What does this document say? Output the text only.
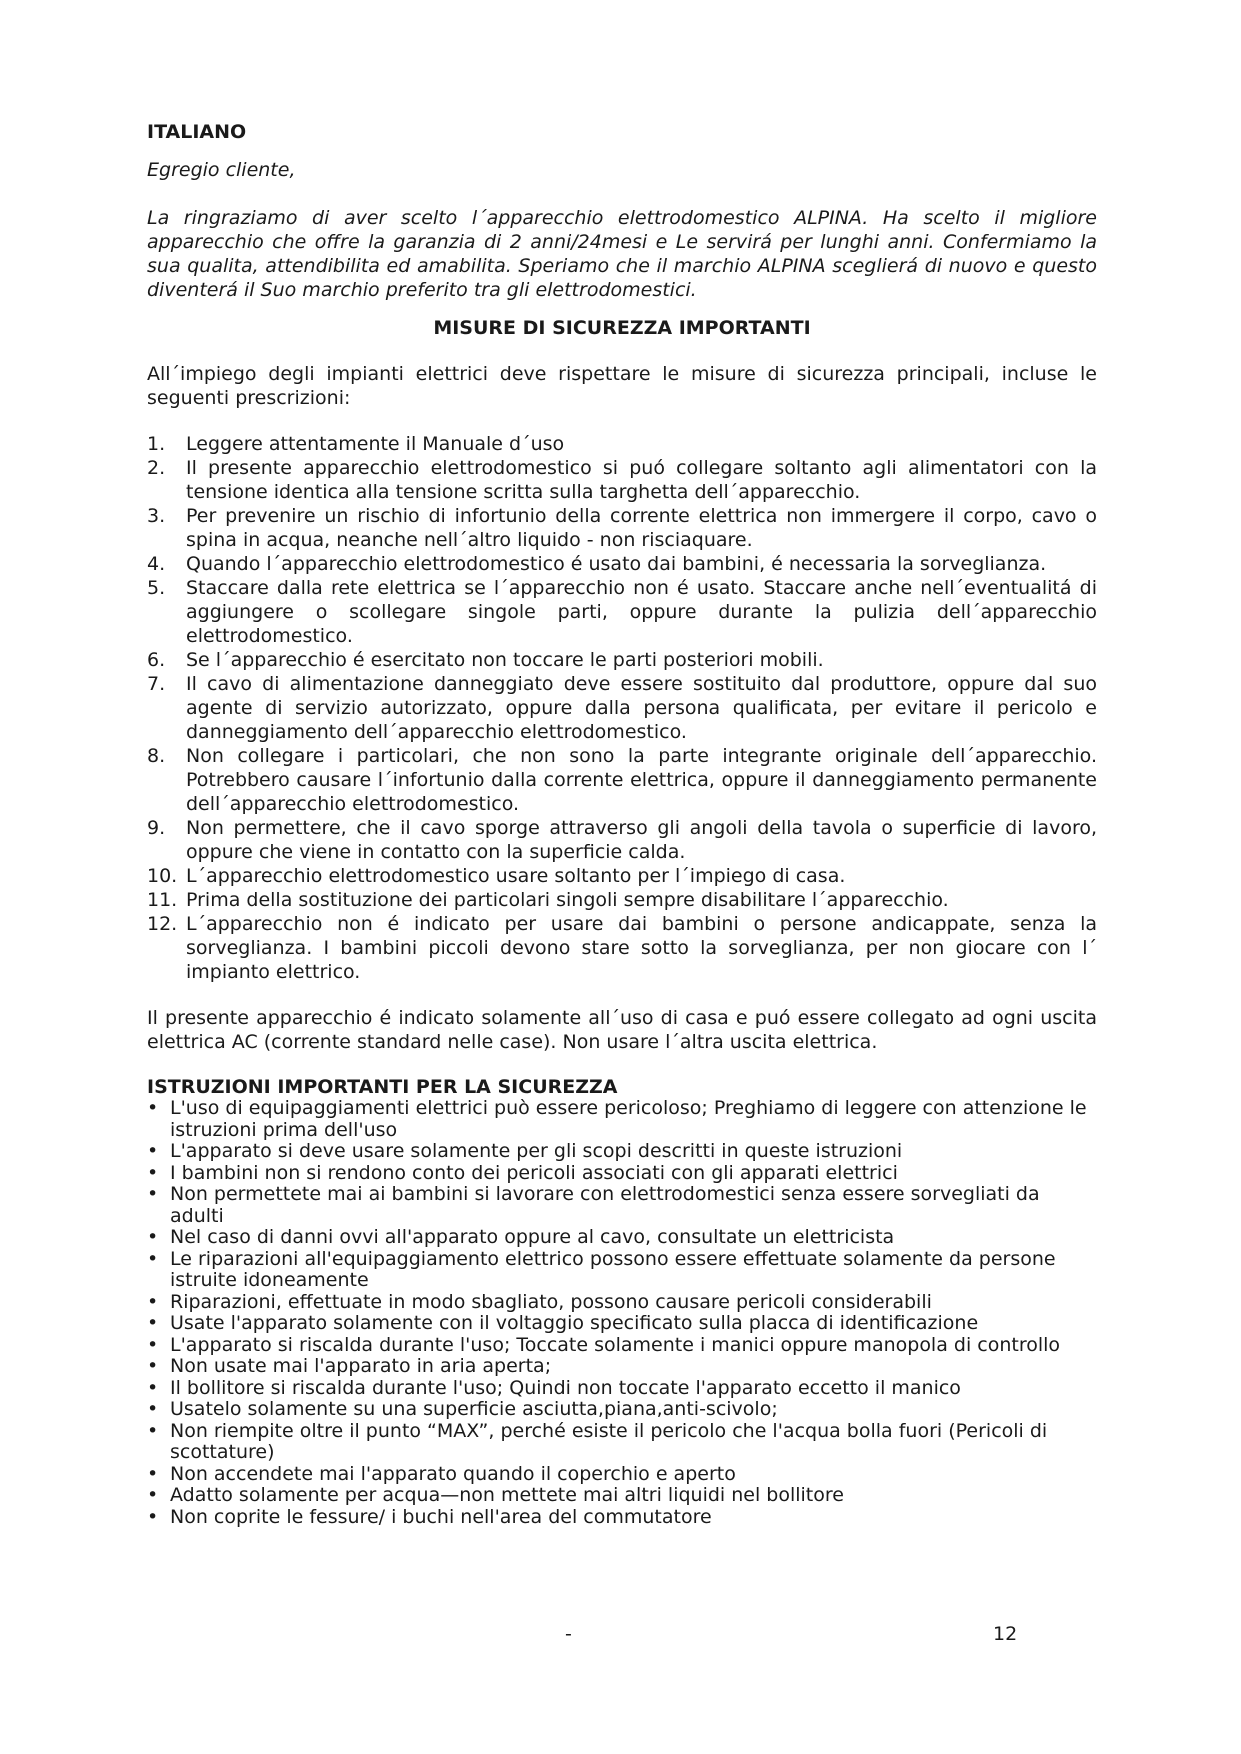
ITALIANO
Egregio cliente,
La ringraziamo di aver scelto l´apparecchio elettrodomestico ALPINA. Ha scelto il migliore apparecchio che offre la garanzia di 2 anni/24mesi e Le servirá per lunghi anni. Confermiamo la sua qualita, attendibilita ed amabilita. Speriamo che il marchio ALPINA sceglierá di nuovo e questo diventerá il Suo marchio preferito tra gli elettrodomestici.
MISURE DI SICUREZZA IMPORTANTI
All´impiego degli impianti elettrici deve rispettare le misure di sicurezza principali, incluse le seguenti prescrizioni:
1.	Leggere attentamente il Manuale d´uso
2.	Il presente apparecchio elettrodomestico si puó collegare soltanto agli alimentatori con la tensione identica alla tensione scritta sulla targhetta dell´apparecchio.
3.	Per prevenire un rischio di infortunio della corrente elettrica non immergere il corpo, cavo o spina in acqua, neanche nell´altro liquido - non risciaquare.
4.	Quando l´apparecchio elettrodomestico é usato dai bambini, é necessaria la sorveglianza.
5.	Staccare dalla rete elettrica se l´apparecchio non é usato. Staccare anche nell´eventualitá di aggiungere o scollegare singole parti, oppure durante la pulizia dell´apparecchio elettrodomestico.
6.	Se l´apparecchio é esercitato non toccare le parti posteriori mobili.
7.	Il cavo di alimentazione danneggiato deve essere sostituito dal produttore, oppure dal suo agente di servizio autorizzato, oppure dalla persona qualificata, per evitare il pericolo e danneggiamento dell´apparecchio elettrodomestico.
8.	Non collegare i particolari, che non sono la parte integrante originale dell´apparecchio. Potrebbero causare l´infortunio dalla corrente elettrica, oppure il danneggiamento permanente dell´apparecchio elettrodomestico.
9.	Non permettere, che il cavo sporge attraverso gli angoli della tavola o superficie di lavoro, oppure che viene in contatto con la superficie calda.
10. L´apparecchio elettrodomestico usare soltanto per l´impiego di casa.
11. Prima della sostituzione dei particolari singoli sempre disabilitare l´apparecchio.
12. L´apparecchio non é indicato per usare dai bambini o persone andicappate, senza la sorveglianza. I bambini piccoli devono stare sotto la sorveglianza, per non giocare con l´ impianto elettrico.
Il presente apparecchio é indicato solamente all´uso di casa e puó essere collegato ad ogni uscita elettrica AC (corrente standard nelle case). Non usare l´altra uscita elettrica.
ISTRUZIONI IMPORTANTI PER LA SICUREZZA
• L'uso di equipaggiamenti elettrici può essere pericoloso; Preghiamo di leggere con attenzione le istruzioni prima dell'uso
• L'apparato si deve usare solamente per gli scopi descritti in queste istruzioni
• I bambini non si rendono conto dei pericoli associati con gli apparati elettrici
• Non permettete mai ai bambini si lavorare con elettrodomestici senza essere sorvegliati da adulti
• Nel caso di danni ovvi all'apparato oppure al cavo, consultate un elettricista
• Le riparazioni all'equipaggiamento elettrico possono essere effettuate solamente da persone istruite idoneamente
• Riparazioni, effettuate in modo sbagliato, possono causare pericoli considerabili
• Usate l'apparato solamente con il voltaggio specificato sulla placca di identificazione
• L'apparato si riscalda durante l'uso; Toccate solamente i manici oppure manopola di controllo
• Non usate mai l'apparato in aria aperta;
• Il bollitore si riscalda durante l'uso; Quindi non toccate l'apparato eccetto il manico
• Usatelo solamente su una superficie asciutta,piana,anti-scivolo;
• Non riempite oltre il punto “MAX”, perché esiste il pericolo che l'acqua bolla fuori (Pericoli di scottature)
• Non accendete mai l'apparato quando il coperchio e aperto
• Adatto solamente per acqua—non mettete mai altri liquidi nel bollitore
• Non coprite le fessure/ i buchi nell'area del commutatore
-	12
